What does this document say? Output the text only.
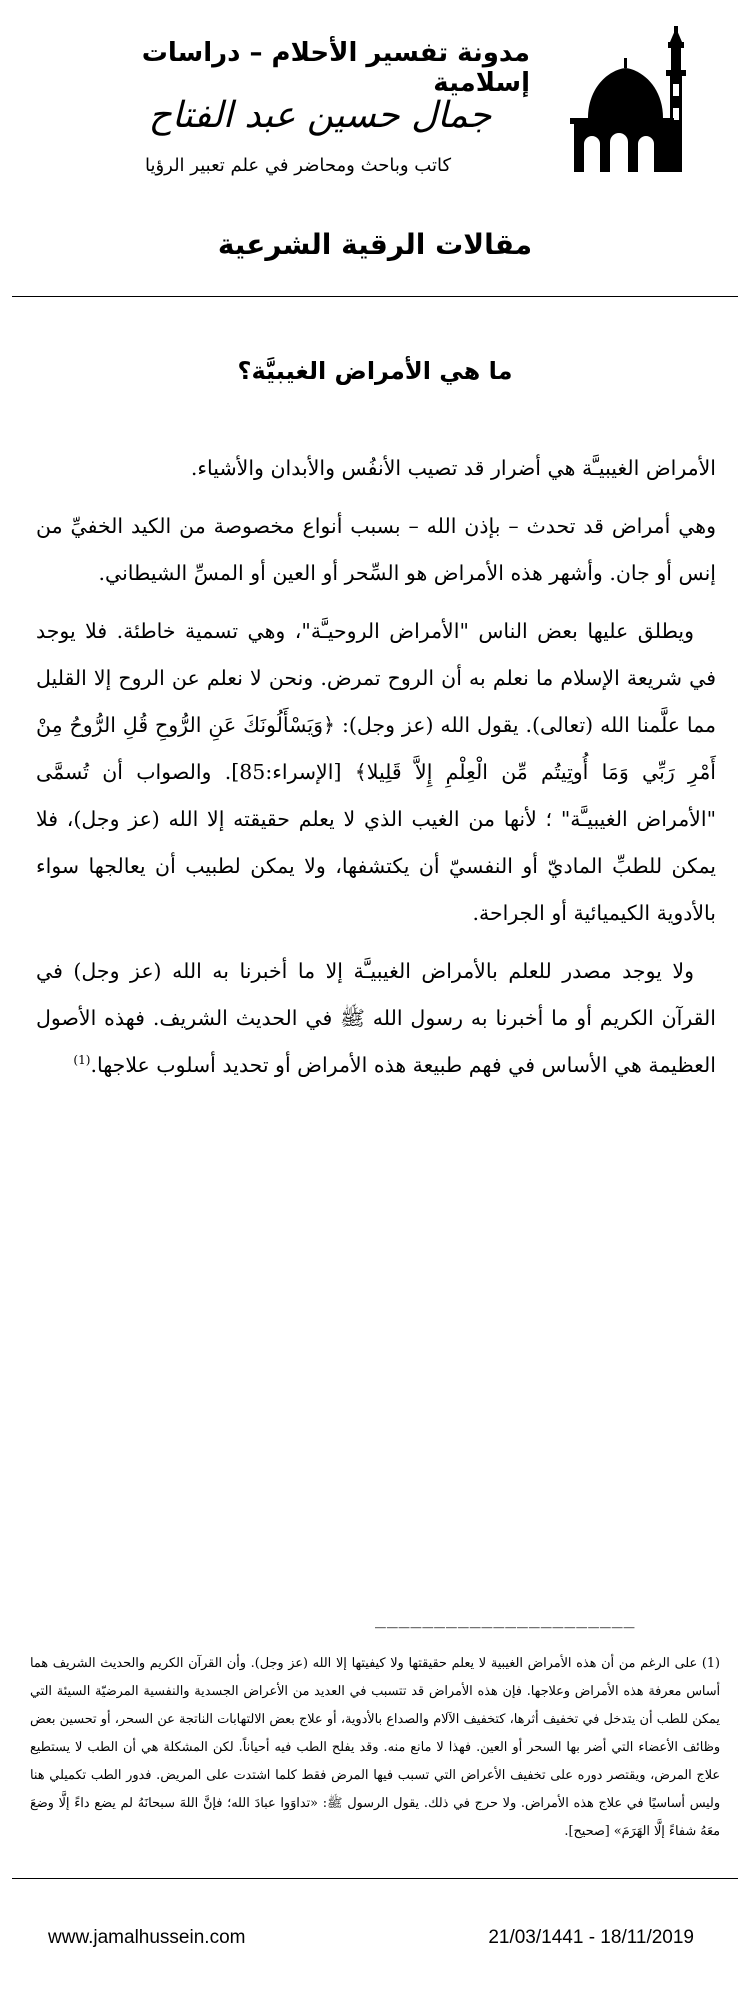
مدونة تفسير الأحلام – دراسات إسلامية
جمال حسين عبد الفتاح
كاتب وباحث ومحاضر في علم تعبير الرؤيا
مقالات الرقية الشرعية
ما هي الأمراض الغيبيَّة؟

الأمراض الغيبيـَّة هي أضرار قد تصيب الأنفُس والأبدان والأشياء.

وهي أمراض قد تحدث – بإذن الله – بسبب أنواع مخصوصة من الكيد الخفيِّ من إنس أو جان. وأشهر هذه الأمراض هو السِّحر أو العين أو المسِّ الشيطاني.

ويطلق عليها بعض الناس "الأمراض الروحيـَّة"، وهي تسمية خاطئة. فلا يوجد في شريعة الإسلام ما نعلم به أن الروح تمرض. ونحن لا نعلم عن الروح إلا القليل مما علَّمنا الله (تعالى). يقول الله (عز وجل): ﴿وَيَسْأَلُونَكَ عَنِ الرُّوحِ قُلِ الرُّوحُ مِنْ أَمْرِ رَبِّي وَمَا أُوتِيتُم مِّن الْعِلْمِ إِلاَّ قَلِيلا﴾ [الإسراء:85]. والصواب أن تُسمَّى "الأمراض الغيبيـَّة" ؛ لأنها من الغيب الذي لا يعلم حقيقته إلا الله (عز وجل)، فلا يمكن للطبِّ الماديّ أو النفسيّ أن يكتشفها، ولا يمكن لطبيب أن يعالجها سواء بالأدوية الكيميائية أو الجراحة.

ولا يوجد مصدر للعلم بالأمراض الغيبيـَّة إلا ما أخبرنا به الله (عز وجل) في القرآن الكريم أو ما أخبرنا به رسول الله ﷺ في الحديث الشريف. فهذه الأصول العظيمة هي الأساس في فهم طبيعة هذه الأمراض أو تحديد أسلوب علاجها.$^{(1)}$

______________________

(1) على الرغم من أن هذه الأمراض الغيبية لا يعلم حقيقتها ولا كيفيتها إلا الله (عز وجل). وأن القرآن الكريم والحديث الشريف هما أساس معرفة هذه الأمراض وعلاجها. فإن هذه الأمراض قد تتسبب في العديد من الأعراض الجسدية والنفسية المرضيّة السيئة التي يمكن للطب أن يتدخل في تخفيف أثرها، كتخفيف الآلام والصداع بالأدوية، أو علاج بعض الالتهابات الناتجة عن السحر، أو تحسين بعض وظائف الأعضاء التي أضر بها السحر أو العين. فهذا لا مانع منه. وقد يفلح الطب فيه أحياناً. لكن المشكلة هي أن الطب لا يستطيع علاج المرض، ويقتصر دوره على تخفيف الأعراض التي تسبب فيها المرض فقط كلما اشتدت على المريض. فدور الطب تكميلي هنا وليس أساسيًا في علاج هذه الأمراض. ولا حرج في ذلك. يقول الرسول ﷺ: «تداوَوا عبادَ الله؛ فإنَّ اللهَ سبحانَهُ لم يضع داءً إلَّا وضعَ معَهُ شفاءً إلَّا الهَرَمَ» [صحيح].

www.jamalhussein.com	21/03/1441 - 18/11/2019
